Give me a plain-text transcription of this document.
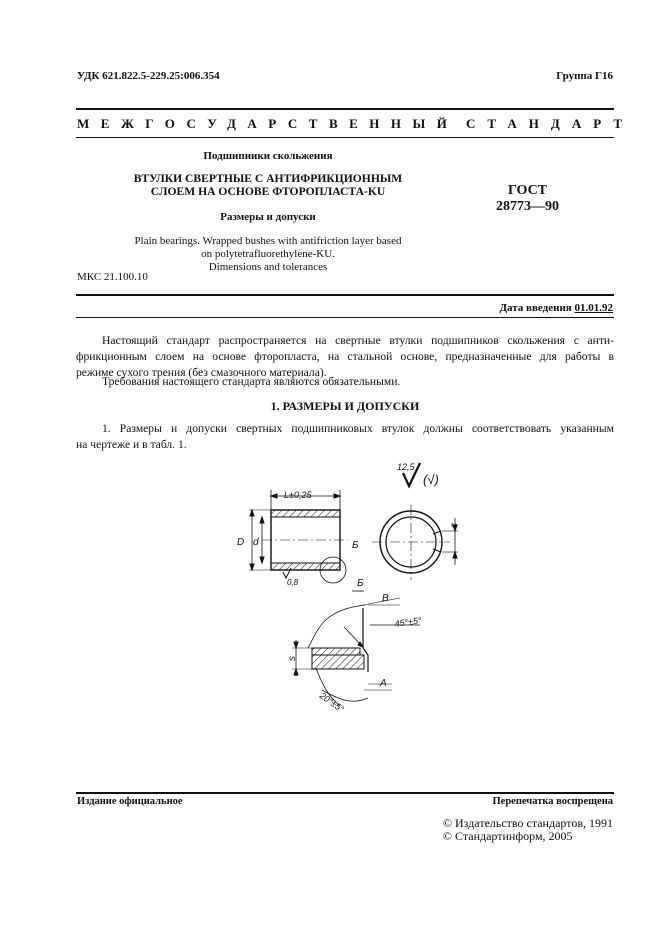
УДК 621.822.5-229.25:006.354	Группа Г16
МЕЖГОСУДАРСТВЕННЫЙ СТАНДАРТ
Подшипники скольжения
ВТУЛКИ СВЕРТНЫЕ С АНТИФРИКЦИОННЫМ
СЛОЕМ НА ОСНОВЕ ФТОРОПЛАСТА-KU
Размеры и допуски
ГОСТ
28773—90
Plain bearings. Wrapped bushes with antifriction layer based
on polytetrafluorethylene-KU.
Dimensions and tolerances
МКС 21.100.10
Дата введения 01.01.92
Настоящий стандарт распространяется на свертные втулки подшипников скольжения с анти-
фрикционным слоем на основе фторопласта, на стальной основе, предназначенные для работы в
режиме сухого трения (без смазочного материала).
Требования настоящего стандарта являются обязательными.
1. РАЗМЕРЫ И ДОПУСКИ
1. Размеры и допуски свертных подшипниковых втулок должны соответствовать указанным
на чертеже и в табл. 1.
12,5
(√)
L±0,25
D d	Б
0,8
c
Б
B
A
45°±5°
20°±5°
s
Издание официальное	Перепечатка воспрещена
© Издательство стандартов, 1991
© Стандартинформ, 2005
